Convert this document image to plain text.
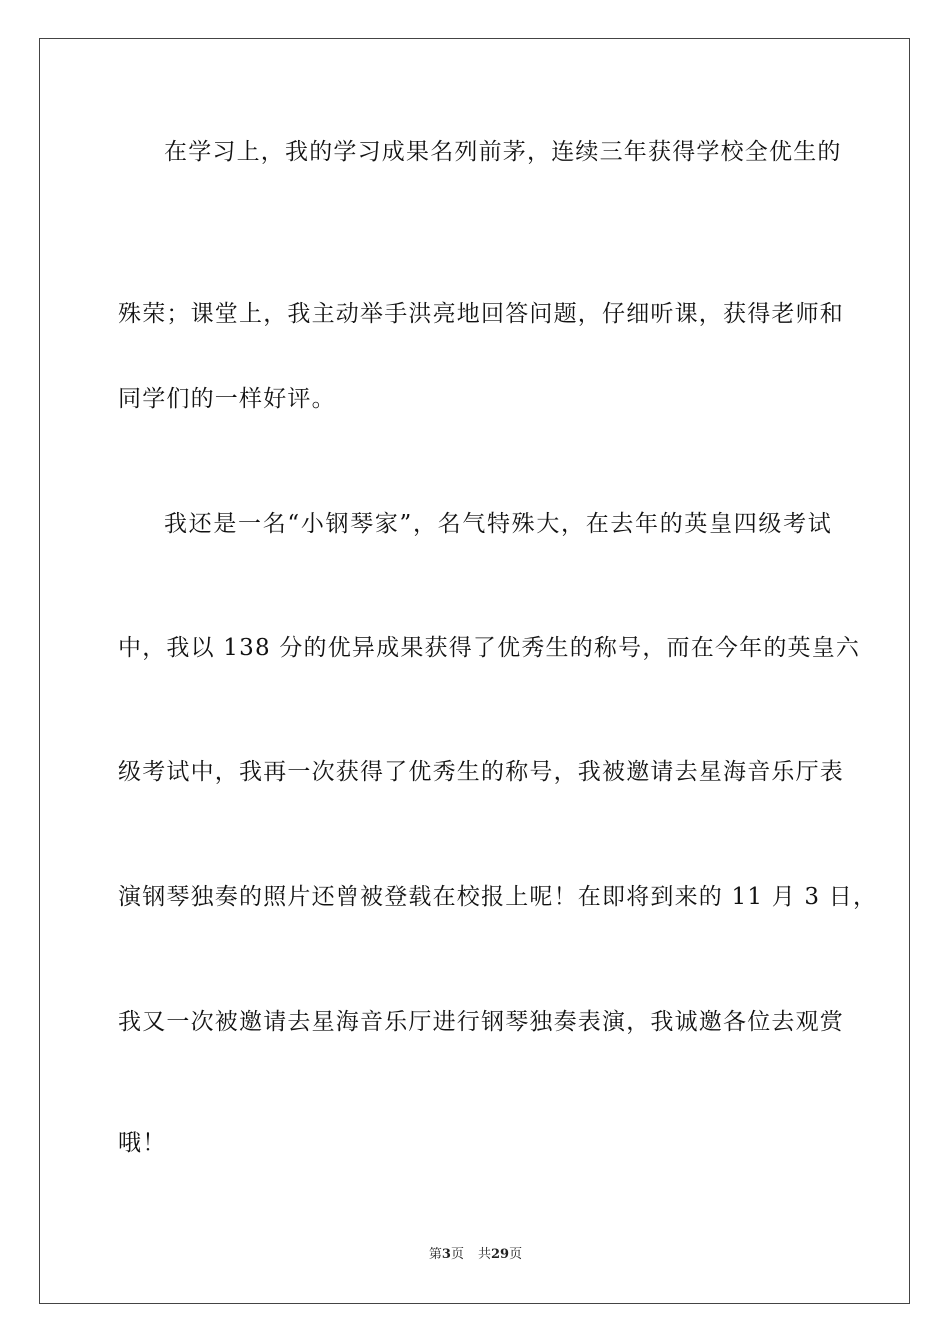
在学习上，我的学习成果名列前茅，连续三年获得学校全优生的
殊荣；课堂上，我主动举手洪亮地回答问题，仔细听课，获得老师和
同学们的一样好评。
我还是一名“小钢琴家”，名气特殊大，在去年的英皇四级考试
中，我以 138 分的优异成果获得了优秀生的称号，而在今年的英皇六
级考试中，我再一次获得了优秀生的称号，我被邀请去星海音乐厅表
演钢琴独奏的照片还曾被登载在校报上呢！在即将到来的 11 月 3 日，
我又一次被邀请去星海音乐厅进行钢琴独奏表演，我诚邀各位去观赏
哦！
第3页 共29页
